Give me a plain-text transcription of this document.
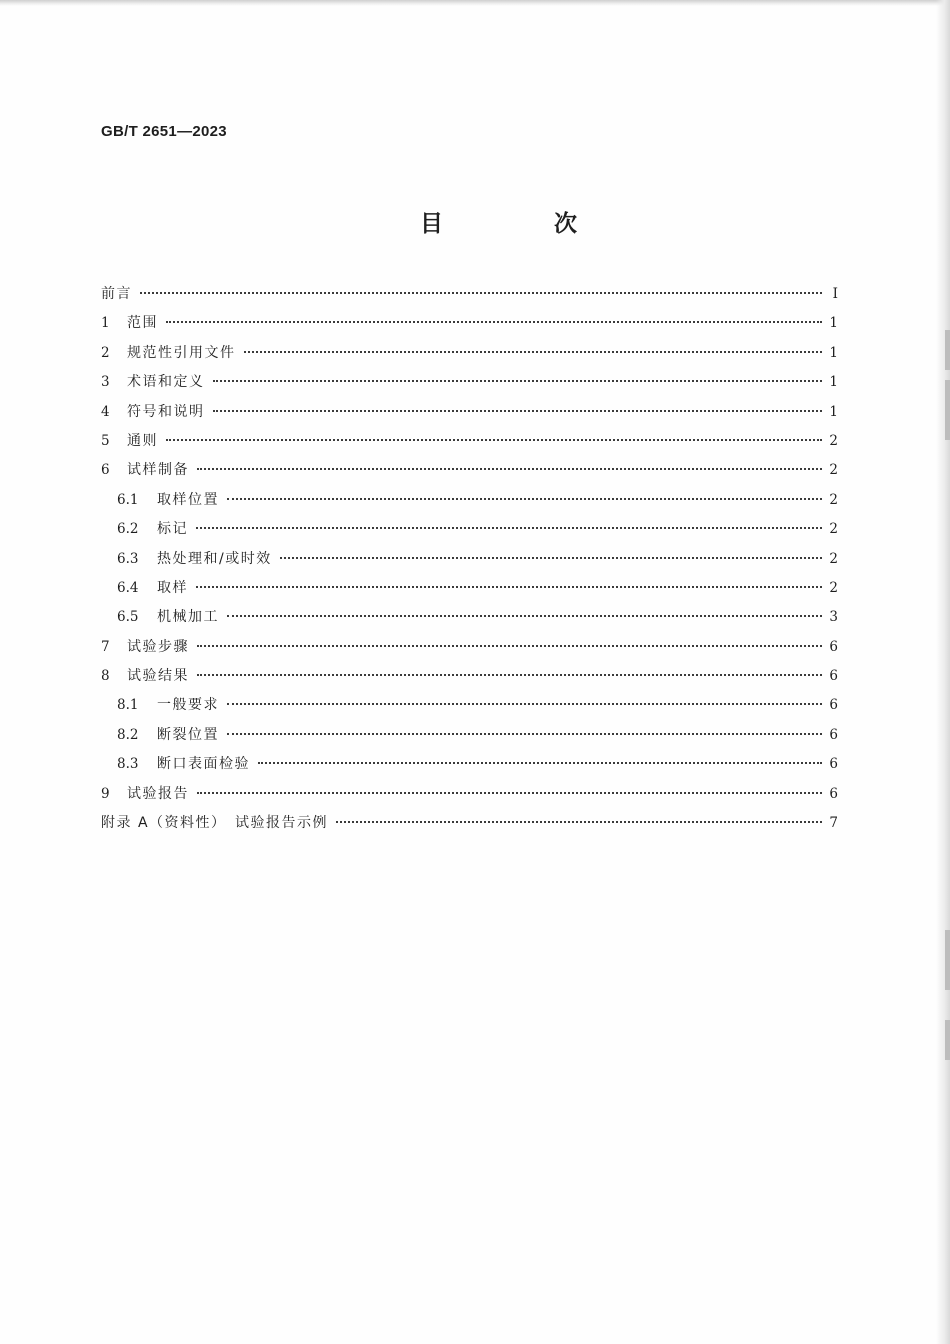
GB/T 2651—2023
目　次
前言	Ⅰ
1	范围	1
2	规范性引用文件	1
3	术语和定义	1
4	符号和说明	1
5	通则	2
6	试样制备	2
6.1	取样位置	2
6.2	标记	2
6.3	热处理和/或时效	2
6.4	取样	2
6.5	机械加工	3
7	试验步骤	6
8	试验结果	6
8.1	一般要求	6
8.2	断裂位置	6
8.3	断口表面检验	6
9	试验报告	6
附录 A（资料性）　试验报告示例	7
